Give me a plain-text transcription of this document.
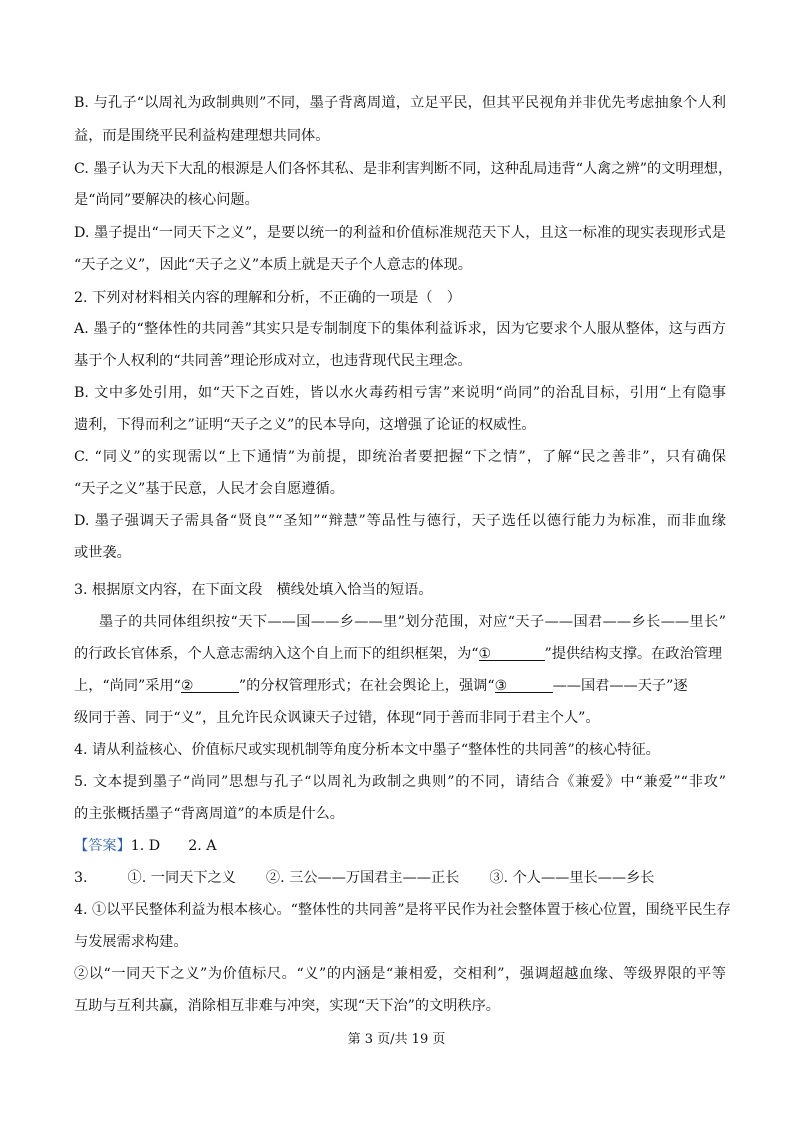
B. 与孔子“以周礼为政制典则”不同，墨子背离周道，立足平民，但其平民视角并非优先考虑抽象个人利
益，而是围绕平民利益构建理想共同体。
C. 墨子认为天下大乱的根源是人们各怀其私、是非利害判断不同，这种乱局违背“人禽之辨”的文明理想，
是“尚同”要解决的核心问题。
D. 墨子提出“一同天下之义”，是要以统一的利益和价值标准规范天下人，且这一标准的现实表现形式是
“天子之义”，因此“天子之义”本质上就是天子个人意志的体现。
2. 下列对材料相关内容的理解和分析，不正确的一项是（　）
A. 墨子的“整体性的共同善”其实只是专制制度下的集体利益诉求，因为它要求个人服从整体，这与西方
基于个人权利的“共同善”理论形成对立，也违背现代民主理念。
B. 文中多处引用，如“天下之百姓，皆以水火毒药相亏害”来说明“尚同”的治乱目标，引用“上有隐事
遗利，下得而利之”证明“天子之义”的民本导向，这增强了论证的权威性。
C. “同义”的实现需以“上下通情”为前提，即统治者要把握“下之情”，了解“民之善非”，只有确保
“天子之义”基于民意，人民才会自愿遵循。
D. 墨子强调天子需具备“贤良”“圣知”“辩慧”等品性与德行，天子选任以德行能力为标准，而非血缘
或世袭。
3. 根据原文内容，在下面文段　横线处填入恰当的短语。
墨子的共同体组织按“天下——国——乡——里”划分范围，对应“天子——国君——乡长——里长”
的行政长官体系，个人意志需纳入这个自上而下的组织框架，为“①	”提供结构支撑。在政治管理
上，“尚同”采用“②	”的分权管理形式；在社会舆论上，强调“③	——国君——天子”逐
级同于善、同于“义”，且允许民众讽谏天子过错，体现“同于善而非同于君主个人”。
4. 请从利益核心、价值标尺或实现机制等角度分析本文中墨子“整体性的共同善”的核心特征。
5. 文本提到墨子“尚同”思想与孔子“以周礼为政制之典则”的不同，请结合《兼爱》中“兼爱”“非攻”
的主张概括墨子“背离周道”的本质是什么。
【答案】1. D 2. A
3.	①. 一同天下之义 ②. 三公——万国君主——正长 ③. 个人——里长——乡长
4. ①以平民整体利益为根本核心。“整体性的共同善”是将平民作为社会整体置于核心位置，围绕平民生存
与发展需求构建。
②以“一同天下之义”为价值标尺。“义”的内涵是“兼相爱，交相利”，强调超越血缘、等级界限的平等
互助与互利共赢，消除相互非难与冲突，实现“天下治”的文明秩序。
第 3 页/共 19 页
